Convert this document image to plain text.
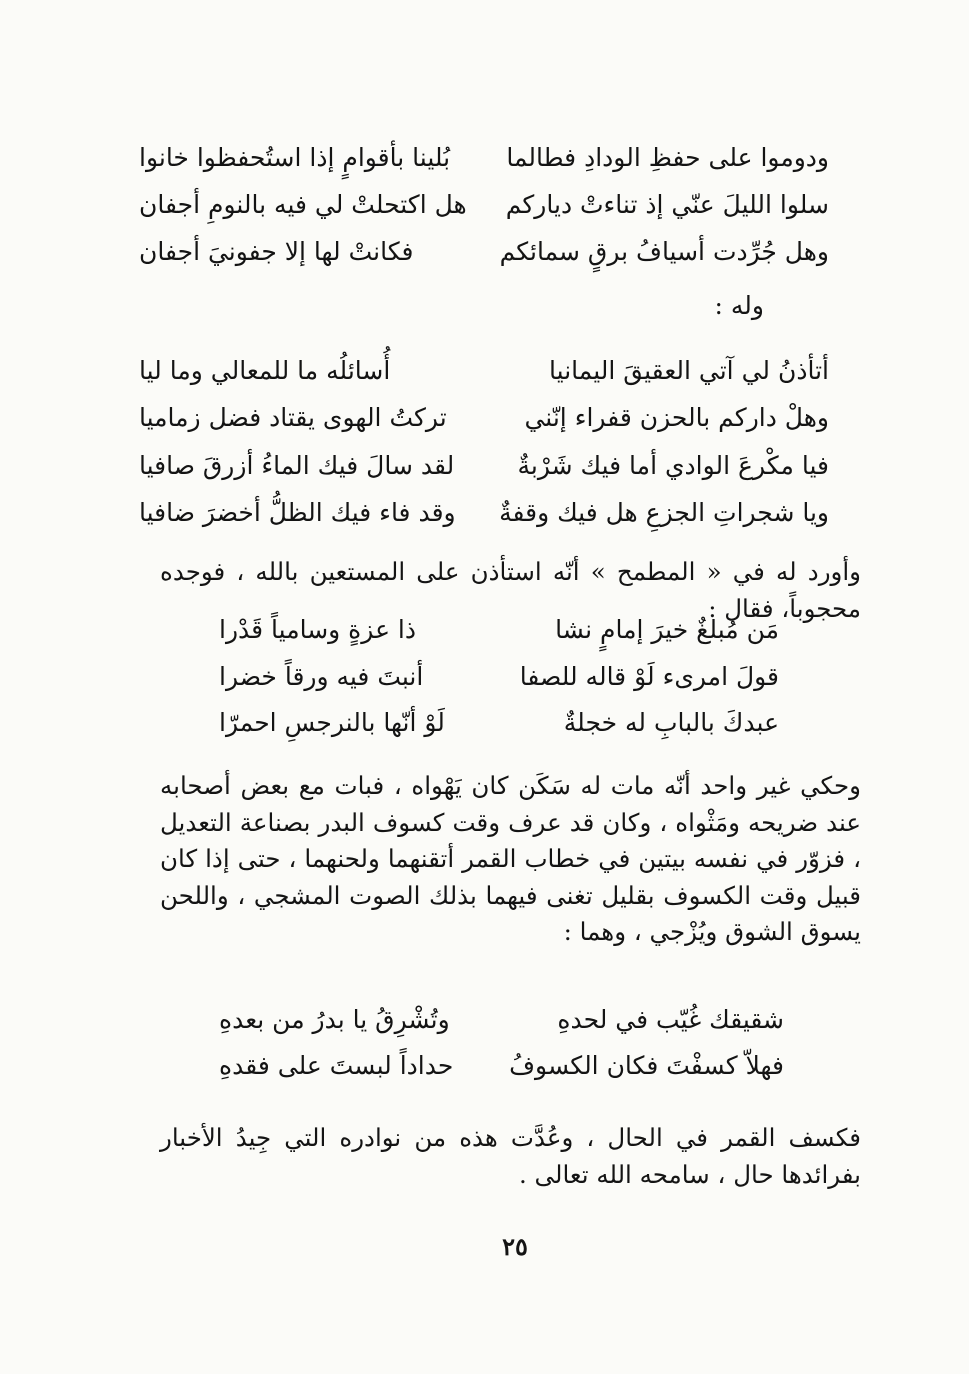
ودوموا على حفظِ الودادِ فطالما
بُلينا بأقوامٍ إذا استُحفظوا خانوا
سلوا الليلَ عنّي إذ تناءتْ دياركم
هل اكتحلتْ لي فيه بالنومِ أجفان
وهل جُرِّدت أسيافُ برقٍ سمائكم
فكانتْ لها إلا جفونيَ أجفان
وله :
أتأذنُ لي آتي العقيقَ اليمانيا
أُسائلُه ما للمعالي وما ليا
وهلْ داركم بالحزن قفراء إنّني
تركتُ الهوى يقتاد فضل زماميا
فيا مكْرعَ الوادي أما فيك شَرْبةٌ
لقد سالَ فيك الماءُ أزرقَ صافيا
ويا شجراتِ الجزعِ هل فيك وقفةٌ
وقد فاء فيك الظلُّ أخضرَ ضافيا
وأورد له في « المطمح » أنّه استأذن على المستعين بالله ، فوجده محجوباً، فقال :
مَن مُبلغٌ خيرَ إمامٍ نشا
ذا عزةٍ وسامياً قَدْرا
قولَ امرىء لَوْ قاله للصفا
أنبتَ فيه ورقاً خضرا
عبدكَ بالبابِ له خجلةٌ
لَوْ أنّها بالنرجسِ احمرّا
وحكي غير واحد أنّه مات له سَكَن كان يَهْواه ، فبات مع بعض أصحابه عند ضريحه ومَثْواه ، وكان قد عرف وقت كسوف البدر بصناعة التعديل ، فزوّر في نفسه بيتين في خطاب القمر أتقنهما ولحنهما ، حتى إذا كان قبيل وقت الكسوف بقليل تغنى فيهما بذلك الصوت المشجي ، واللحن يسوق الشوق ويُزْجي ، وهما :
شقيقك غُيّب في لحدهِ
وتُشْرِقُ يا بدرُ من بعدهِ
فهلاّ كسفْتَ فكان الكسوفُ
حداداً لبستَ على فقدهِ
فكسف القمر في الحال ، وعُدَّت هذه من نوادره التي جِيدُ الأخبار بفرائدها حال ، سامحه الله تعالى .
٢٥
